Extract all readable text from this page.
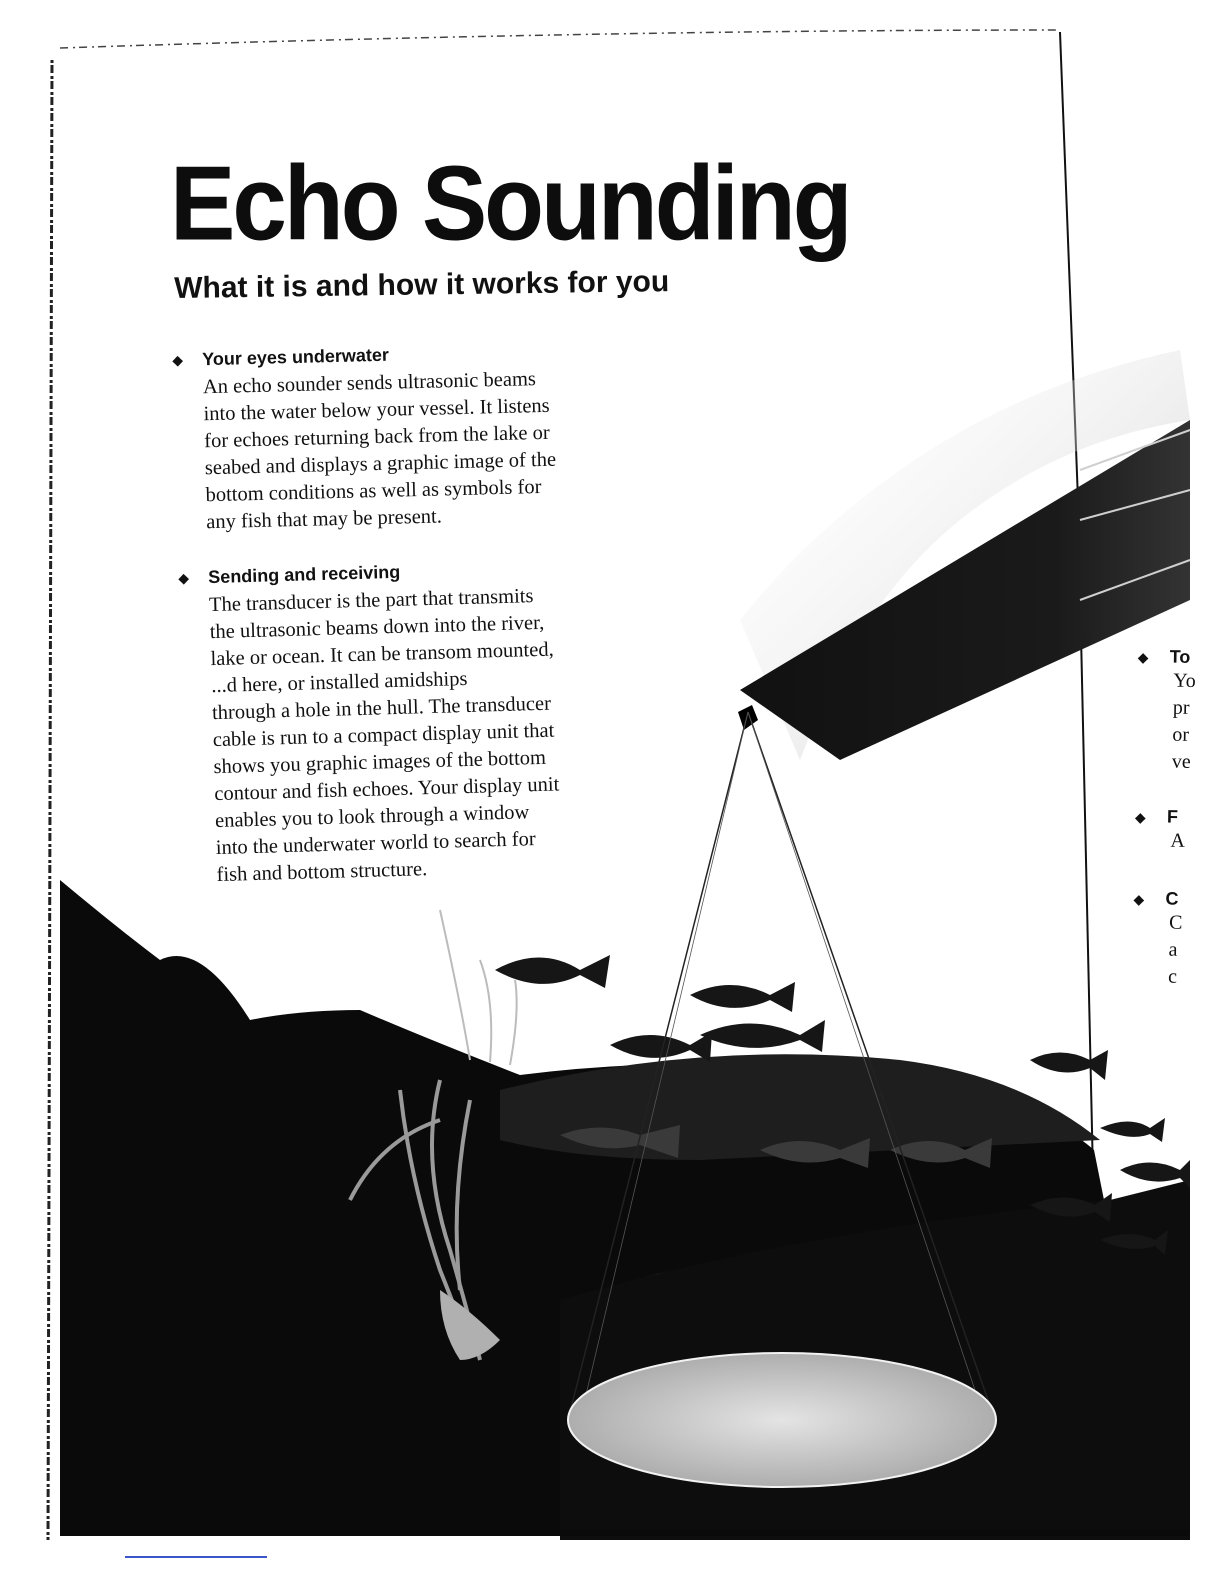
Echo Sounding
What it is and how it works for you
◆	Your eyes underwater
An echo sounder sends ultrasonic beams
into the water below your vessel. It listens
for echoes returning back from the lake or
seabed and displays a graphic image of the
bottom conditions as well as symbols for
any fish that may be present.
◆	Sending and receiving
The transducer is the part that transmits
the ultrasonic beams down into the river,
lake or ocean. It can be transom mounted,
...d here, or installed amidships
through a hole in the hull. The transducer
cable is run to a compact display unit that
shows you graphic images of the bottom
contour and fish echoes. Your display unit
enables you to look through a window
into the underwater world to search for
fish and bottom structure.
◆ To
Yo
pr
or
ve
◆ F
A
◆ C
C
a
c
